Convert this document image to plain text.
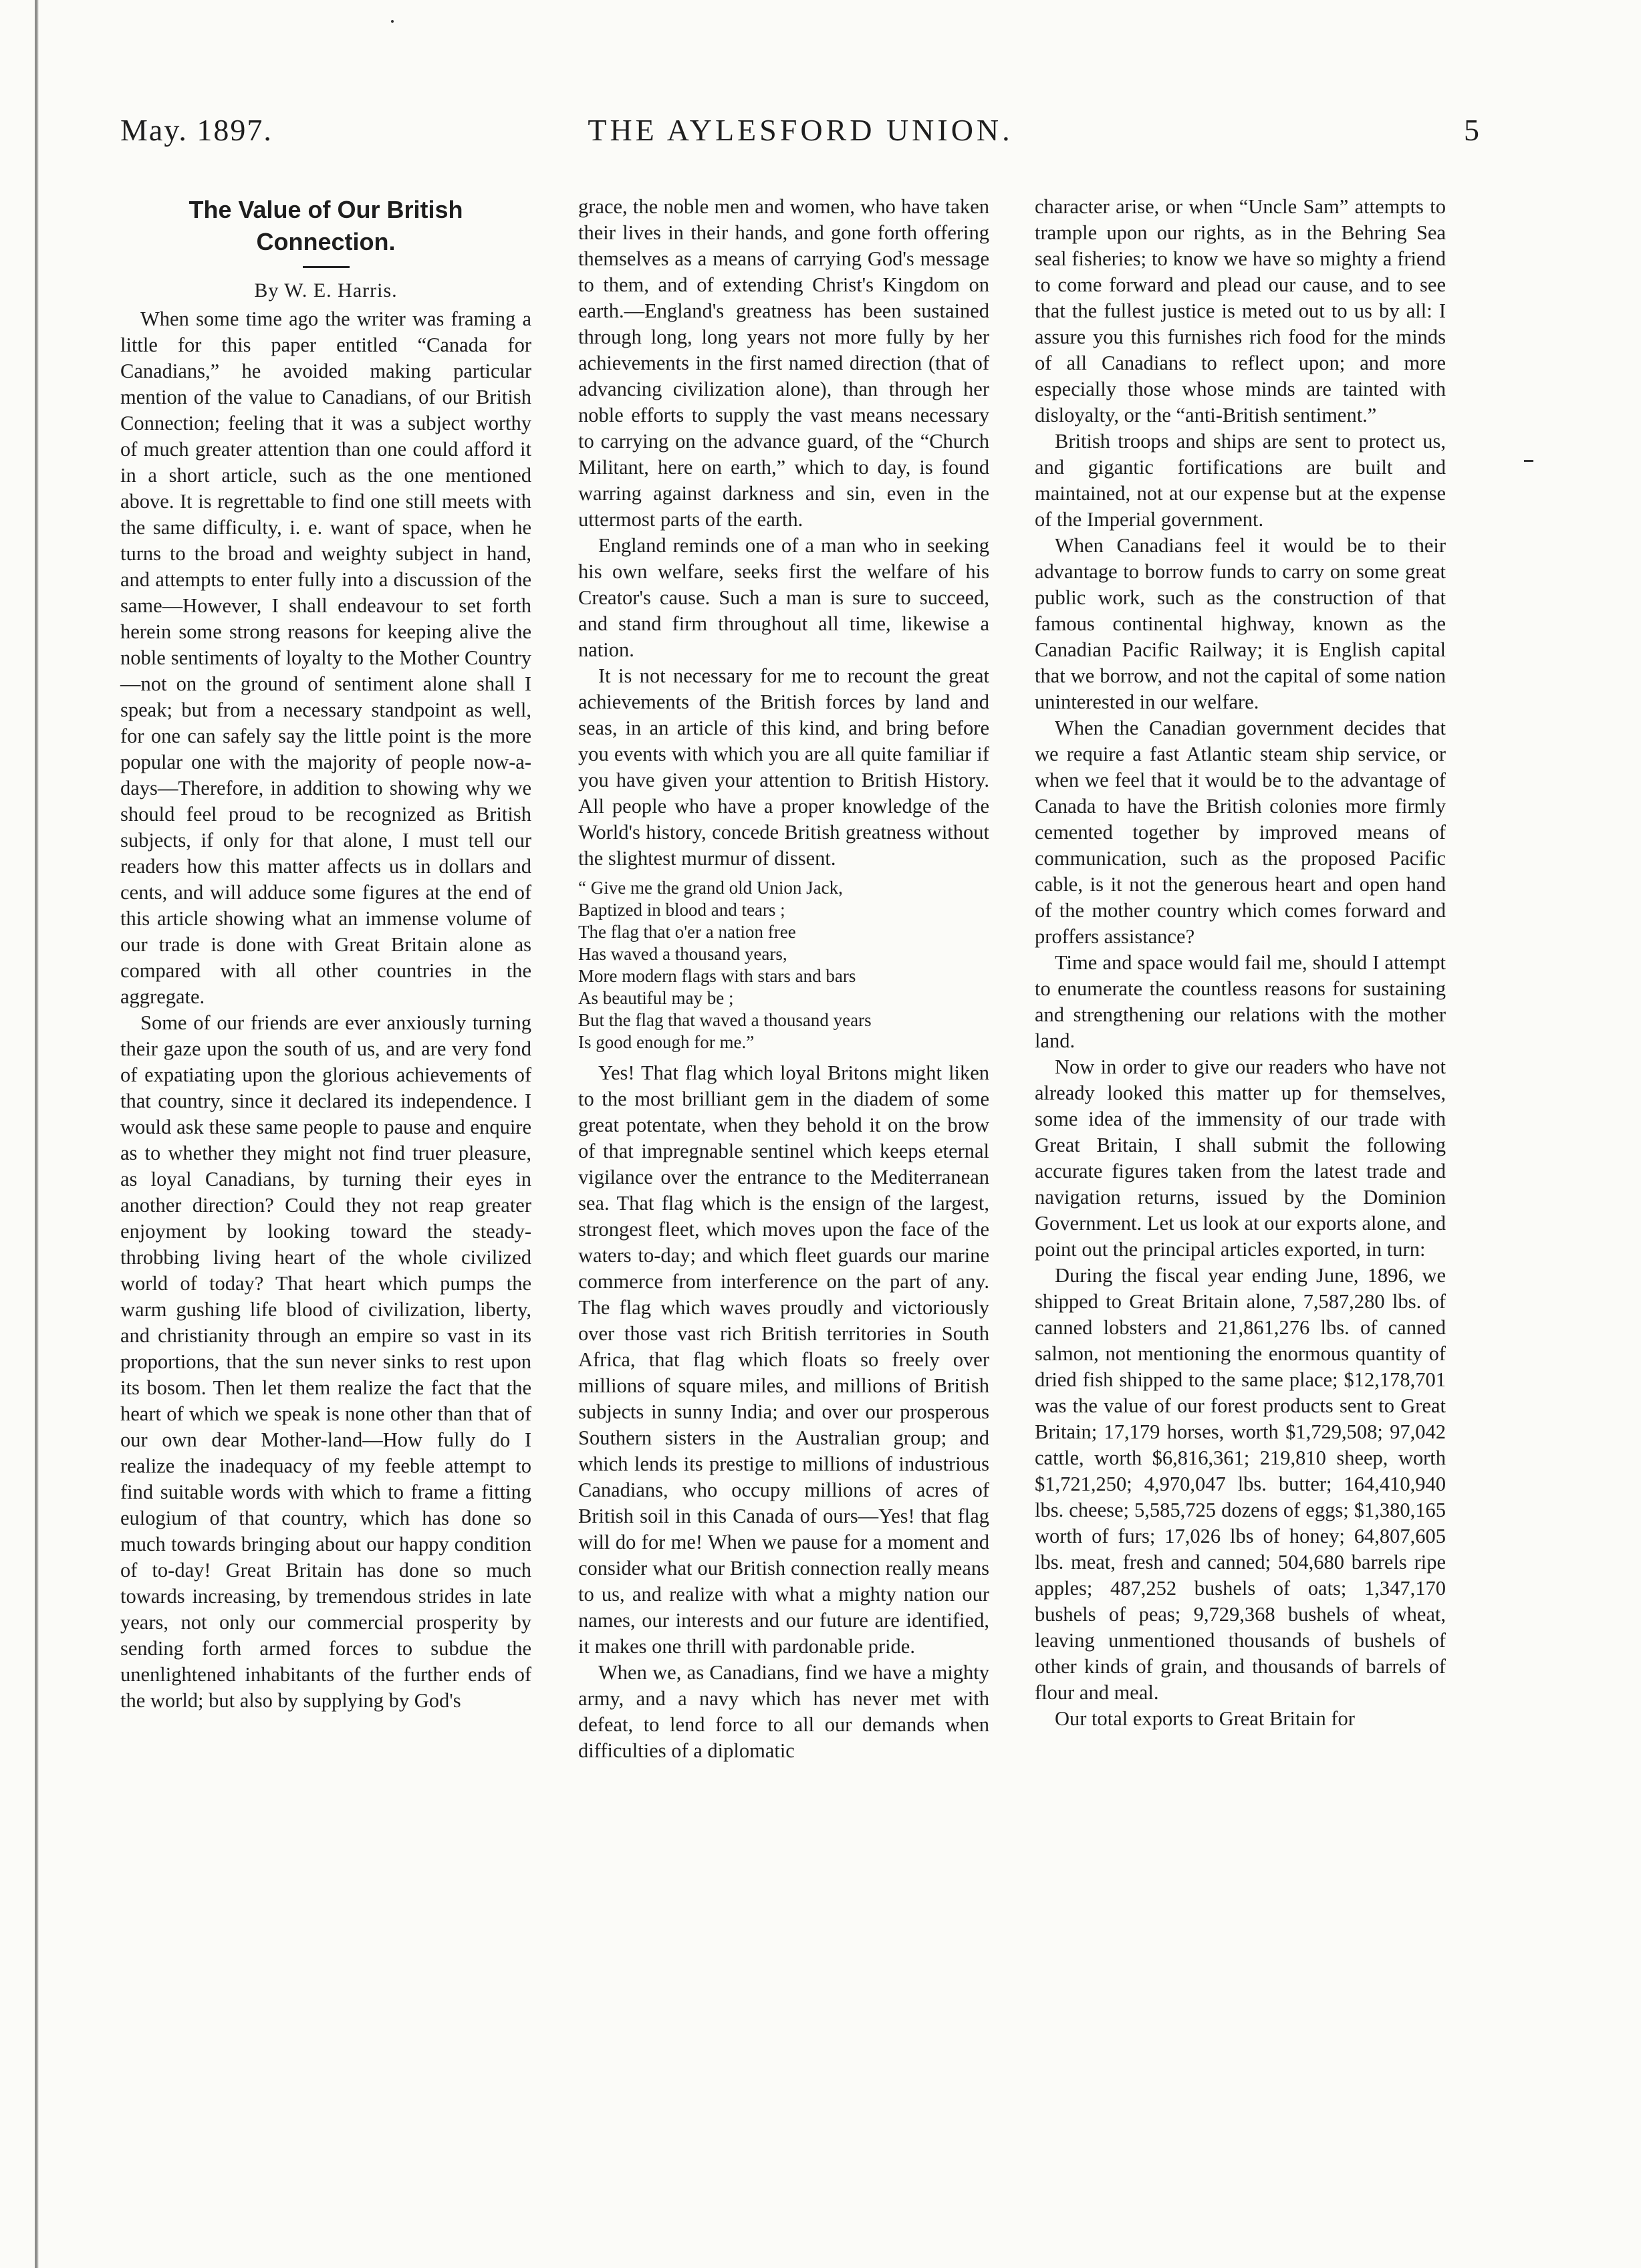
May. 1897.	THE AYLESFORD UNION.	5
The Value of Our British Connection.
By W. E. Harris.

When some time ago the writer was framing a little for this paper entitled “Canada for Canadians,” he avoided making particular mention of the value to Canadians, of our British Connection; feeling that it was a subject worthy of much greater attention than one could afford it in a short article, such as the one mentioned above. It is regrettable to find one still meets with the same difficulty, i. e. want of space, when he turns to the broad and weighty subject in hand, and attempts to enter fully into a discussion of the same—However, I shall endeavour to set forth herein some strong reasons for keeping alive the noble sentiments of loyalty to the Mother Country—not on the ground of sentiment alone shall I speak; but from a necessary standpoint as well, for one can safely say the little point is the more popular one with the majority of people now-a-days—Therefore, in addition to showing why we should feel proud to be recognized as British subjects, if only for that alone, I must tell our readers how this matter affects us in dollars and cents, and will adduce some figures at the end of this article showing what an immense volume of our trade is done with Great Britain alone as compared with all other countries in the aggregate.

Some of our friends are ever anxiously turning their gaze upon the south of us, and are very fond of expatiating upon the glorious achievements of that country, since it declared its independence. I would ask these same people to pause and enquire as to whether they might not find truer pleasure, as loyal Canadians, by turning their eyes in another direction? Could they not reap greater enjoyment by looking toward the steady-throbbing living heart of the whole civilized world of today? That heart which pumps the warm gushing life blood of civilization, liberty, and christianity through an empire so vast in its proportions, that the sun never sinks to rest upon its bosom. Then let them realize the fact that the heart of which we speak is none other than that of our own dear Mother-land—How fully do I realize the inadequacy of my feeble attempt to find suitable words with which to frame a fitting eulogium of that country, which has done so much towards bringing about our happy condition of to-day! Great Britain has done so much towards increasing, by tremendous strides in late years, not only our commercial prosperity by sending forth armed forces to subdue the unenlightened inhabitants of the further ends of the world; but also by supplying by God's

grace, the noble men and women, who have taken their lives in their hands, and gone forth offering themselves as a means of carrying God's message to them, and of extending Christ's Kingdom on earth.—England's greatness has been sustained through long, long years not more fully by her achievements in the first named direction (that of advancing civilization alone), than through her noble efforts to supply the vast means necessary to carrying on the advance guard, of the “Church Militant, here on earth,” which to day, is found warring against darkness and sin, even in the uttermost parts of the earth.

England reminds one of a man who in seeking his own welfare, seeks first the welfare of his Creator's cause. Such a man is sure to succeed, and stand firm throughout all time, likewise a nation.

It is not necessary for me to recount the great achievements of the British forces by land and seas, in an article of this kind, and bring before you events with which you are all quite familiar if you have given your attention to British History. All people who have a proper knowledge of the World's history, concede British greatness without the slightest murmur of dissent.

“ Give me the grand old Union Jack,
Baptized in blood and tears ;
The flag that o'er a nation free
Has waved a thousand years,
More modern flags with stars and bars
As beautiful may be ;
But the flag that waved a thousand years
Is good enough for me.”

Yes! That flag which loyal Britons might liken to the most brilliant gem in the diadem of some great potentate, when they behold it on the brow of that impregnable sentinel which keeps eternal vigilance over the entrance to the Mediterranean sea. That flag which is the ensign of the largest, strongest fleet, which moves upon the face of the waters to-day; and which fleet guards our marine commerce from interference on the part of any. The flag which waves proudly and victoriously over those vast rich British territories in South Africa, that flag which floats so freely over millions of square miles, and millions of British subjects in sunny India; and over our prosperous Southern sisters in the Australian group; and which lends its prestige to millions of industrious Canadians, who occupy millions of acres of British soil in this Canada of ours—Yes! that flag will do for me! When we pause for a moment and consider what our British connection really means to us, and realize with what a mighty nation our names, our interests and our future are identified, it makes one thrill with pardonable pride.

When we, as Canadians, find we have a mighty army, and a navy which has never met with defeat, to lend force to all our demands when difficulties of a diplomatic

character arise, or when “Uncle Sam” attempts to trample upon our rights, as in the Behring Sea seal fisheries; to know we have so mighty a friend to come forward and plead our cause, and to see that the fullest justice is meted out to us by all: I assure you this furnishes rich food for the minds of all Canadians to reflect upon; and more especially those whose minds are tainted with disloyalty, or the “anti-British sentiment.”

British troops and ships are sent to protect us, and gigantic fortifications are built and maintained, not at our expense but at the expense of the Imperial government.

When Canadians feel it would be to their advantage to borrow funds to carry on some great public work, such as the construction of that famous continental highway, known as the Canadian Pacific Railway; it is English capital that we borrow, and not the capital of some nation uninterested in our welfare.

When the Canadian government decides that we require a fast Atlantic steam ship service, or when we feel that it would be to the advantage of Canada to have the British colonies more firmly cemented together by improved means of communication, such as the proposed Pacific cable, is it not the generous heart and open hand of the mother country which comes forward and proffers assistance?

Time and space would fail me, should I attempt to enumerate the countless reasons for sustaining and strengthening our relations with the mother land.

Now in order to give our readers who have not already looked this matter up for themselves, some idea of the immensity of our trade with Great Britain, I shall submit the following accurate figures taken from the latest trade and navigation returns, issued by the Dominion Government. Let us look at our exports alone, and point out the principal articles exported, in turn:

During the fiscal year ending June, 1896, we shipped to Great Britain alone, 7,587,280 lbs. of canned lobsters and 21,861,276 lbs. of canned salmon, not mentioning the enormous quantity of dried fish shipped to the same place; $12,178,701 was the value of our forest products sent to Great Britain; 17,179 horses, worth $1,729,508; 97,042 cattle, worth $6,816,361; 219,810 sheep, worth $1,721,250; 4,970,047 lbs. butter; 164,410,940 lbs. cheese; 5,585,725 dozens of eggs; $1,380,165 worth of furs; 17,026 lbs of honey; 64,807,605 lbs. meat, fresh and canned; 504,680 barrels ripe apples; 487,252 bushels of oats; 1,347,170 bushels of peas; 9,729,368 bushels of wheat, leaving unmentioned thousands of bushels of other kinds of grain, and thousands of barrels of flour and meal.

Our total exports to Great Britain for
